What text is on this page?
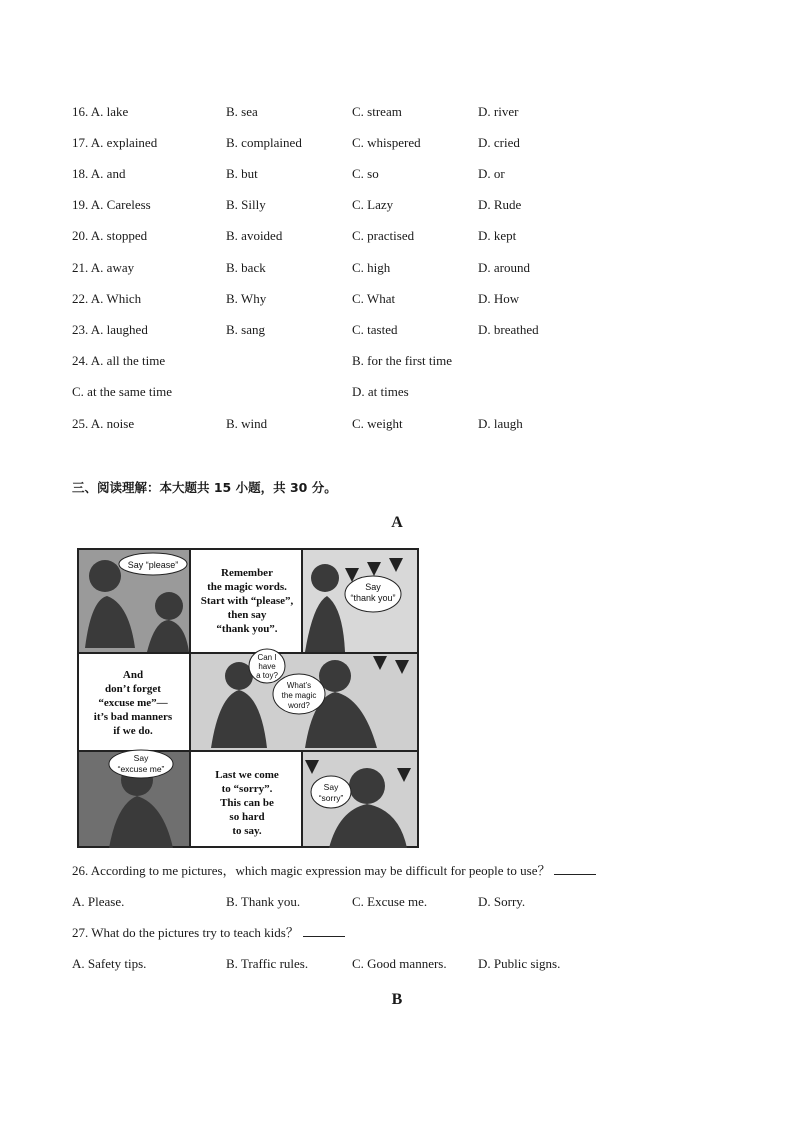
16. A. lake	B. sea	C. stream	D. river
17. A. explained	B. complained	C. whispered	D. cried
18. A. and	B. but	C. so	D. or
19. A. Careless	B. Silly	C. Lazy	D. Rude
20. A. stopped	B. avoided	C. practised	D. kept
21. A. away	B. back	C. high	D. around
22. A. Which	B. Why	C. What	D. How
23. A. laughed	B. sang	C. tasted	D. breathed
24. A. all the time	B. for the first time
C. at the same time	D. at times
25. A. noise	B. wind	C. weight	D. laugh
三、阅读理解：本大题共 15 小题，共 30 分。
A
Say “please”
Remember
the magic words.
Start with “please”,
then say
“thank you”.
Say
“thank you”
And
don’t forget
“excuse me”—
it’s bad manners
if we do.
Can I
have
a toy?
What’s
the magic
word?
Say
“excuse me”	Last we come
to “sorry”.
This can be
so hard
to say.
Say
“sorry”
26. According to me pictures，which magic expression may be difficult for people to use？
A. Please.	B. Thank you.	C. Excuse me.	D. Sorry.
27. What do the pictures try to teach kids？
A. Safety tips.	B. Traffic rules.	C. Good manners. D. Public signs.
B
